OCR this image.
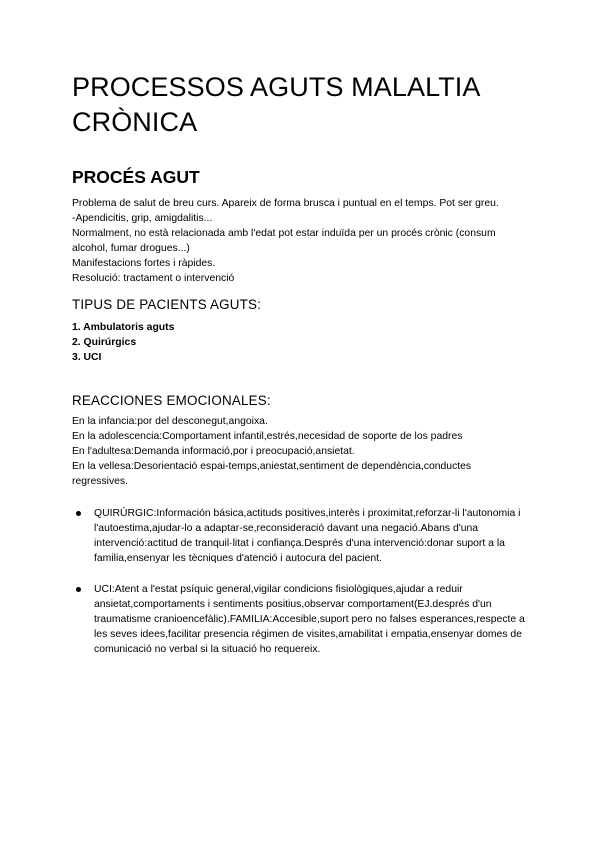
PROCESSOS AGUTS MALALTIA
CRÒNICA
PROCÉS AGUT

Problema de salut de breu curs. Apareix de forma brusca i puntual en el temps. Pot ser greu.

-Apendicitis, grip, amigdalitis...

Normalment, no està relacionada amb l'edat pot estar induïda per un procés crònic (consum alcohol, fumar drogues...)

Manifestacions fortes i ràpides.

Resolució: tractament o intervenció

TIPUS DE PACIENTS AGUTS:
1. Ambulatoris aguts
2. Quirúrgics
3. UCI
REACCIONES EMOCIONALES:

En la infancia:por del desconegut,angoixa.

En la adolescencia:Comportament infantil,estrés,necesidad de soporte de los padres

En l'adultesa:Demanda informació,por i preocupació,ansietat.

En la vellesa:Desorientació espai-temps,aniestat,sentiment de dependència,conductes regressives.

QUIRÚRGIC:Información básica,actituds positives,interès i proximitat,reforzar-li l'autonomia i l'autoestima,ajudar-lo a adaptar-se,reconsideració davant una negació.Abans d'una intervenció:actitud de tranquil·litat i confiança.Després d'una intervenció:donar suport a la familia,ensenyar les tècniques d'atenció i autocura del pacient.
UCI:Atent a l'estat psíquic general,vigilar condicions fisiològiques,ajudar a reduir ansietat,comportaments i sentiments positius,observar comportament(EJ.després d'un traumatisme cranioencefàlic).FAMILIA:Accesible,suport pero no falses esperances,respecte a les seves idees,facilitar presencia régimen de visites,amabilitat i empatia,ensenyar domes de comunicació no verbal si la situació ho requereix.
